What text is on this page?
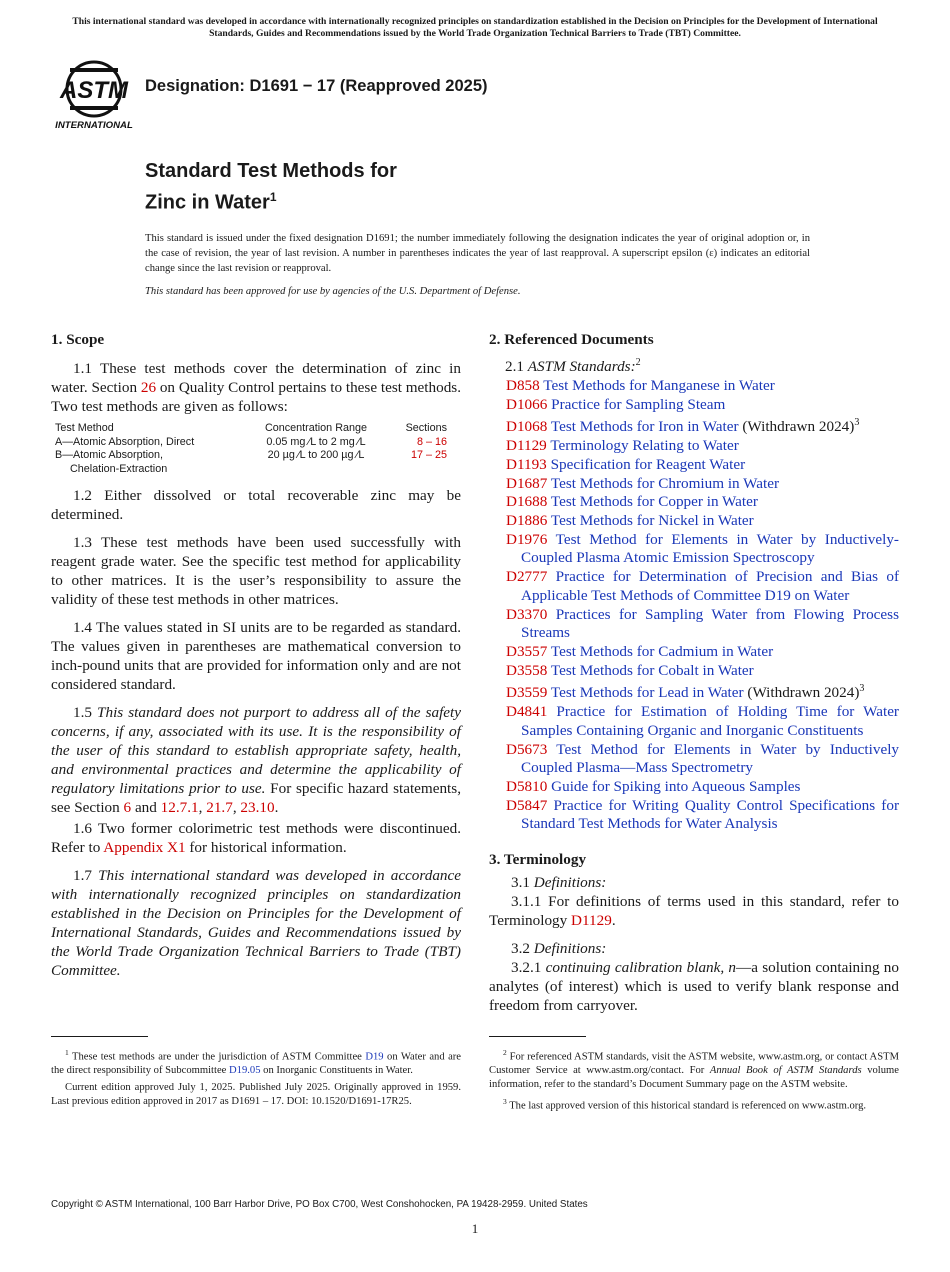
This international standard was developed in accordance with internationally recognized principles on standardization established in the Decision on Principles for the Development of International Standards, Guides and Recommendations issued by the World Trade Organization Technical Barriers to Trade (TBT) Committee.
ASTM
INTERNATIONAL
Designation: D1691 − 17 (Reapproved 2025)
Standard Test Methods for
Zinc in Water$^1$
This standard is issued under the fixed designation D1691; the number immediately following the designation indicates the year of original adoption or, in the case of revision, the year of last revision. A number in parentheses indicates the year of last reapproval. A superscript epsilon (ε) indicates an editorial change since the last revision or reapproval.
This standard has been approved for use by agencies of the U.S. Department of Defense.
1. Scope
1.1 These test methods cover the determination of zinc in water. Section 26 on Quality Control pertains to these test methods. Two test methods are given as follows:
Test Method	Concentration Range	Sections
A—Atomic Absorption, Direct	0.05 mg ⁄L to 2 mg ⁄L	8 – 16

B—Atomic Absorption,
Chelation-Extraction	20 µg ⁄L to 200 µg ⁄L	17 – 25
1.2 Either dissolved or total recoverable zinc may be determined.
1.3 These test methods have been used successfully with reagent grade water. See the specific test method for applicability to other matrices. It is the user’s responsibility to assure the validity of these test methods in other matrices.
1.4 The values stated in SI units are to be regarded as standard. The values given in parentheses are mathematical conversion to inch-pound units that are provided for information only and are not considered standard.
1.5 This standard does not purport to address all of the safety concerns, if any, associated with its use. It is the responsibility of the user of this standard to establish appropriate safety, health, and environmental practices and determine the applicability of regulatory limitations prior to use. For specific hazard statements, see Section 6 and 12.7.1, 21.7, 23.10.
1.6 Two former colorimetric test methods were discontinued. Refer to Appendix X1 for historical information.
1.7 This international standard was developed in accordance with internationally recognized principles on standardization established in the Decision on Principles for the Development of International Standards, Guides and Recommendations issued by the World Trade Organization Technical Barriers to Trade (TBT) Committee.
2. Referenced Documents
2.1 ASTM Standards:$^2$
D858 Test Methods for Manganese in Water
D1066 Practice for Sampling Steam
D1068 Test Methods for Iron in Water (Withdrawn 2024)$^3$
D1129 Terminology Relating to Water
D1193 Specification for Reagent Water
D1687 Test Methods for Chromium in Water
D1688 Test Methods for Copper in Water
D1886 Test Methods for Nickel in Water
D1976 Test Method for Elements in Water by Inductively-Coupled Plasma Atomic Emission Spectroscopy
D2777 Practice for Determination of Precision and Bias of Applicable Test Methods of Committee D19 on Water
D3370 Practices for Sampling Water from Flowing Process Streams
D3557 Test Methods for Cadmium in Water
D3558 Test Methods for Cobalt in Water
D3559 Test Methods for Lead in Water (Withdrawn 2024)$^3$
D4841 Practice for Estimation of Holding Time for Water Samples Containing Organic and Inorganic Constituents
D5673 Test Method for Elements in Water by Inductively Coupled Plasma—Mass Spectrometry
D5810 Guide for Spiking into Aqueous Samples
D5847 Practice for Writing Quality Control Specifications for Standard Test Methods for Water Analysis
3. Terminology
3.1 Definitions:
3.1.1 For definitions of terms used in this standard, refer to Terminology D1129.
3.2 Definitions:
3.2.1 continuing calibration blank, n—a solution containing no analytes (of interest) which is used to verify blank response and freedom from carryover.

$^1$ These test methods are under the jurisdiction of ASTM Committee D19 on Water and are the direct responsibility of Subcommittee D19.05 on Inorganic Constituents in Water.

Current edition approved July 1, 2025. Published July 2025. Originally approved in 1959. Last previous edition approved in 2017 as D1691 – 17. DOI: 10.1520/D1691-17R25.

$^2$ For referenced ASTM standards, visit the ASTM website, www.astm.org, or contact ASTM Customer Service at www.astm.org/contact. For Annual Book of ASTM Standards volume information, refer to the standard’s Document Summary page on the ASTM website.

$^3$ The last approved version of this historical standard is referenced on www.astm.org.

Copyright © ASTM International, 100 Barr Harbor Drive, PO Box C700, West Conshohocken, PA 19428-2959. United States
1
